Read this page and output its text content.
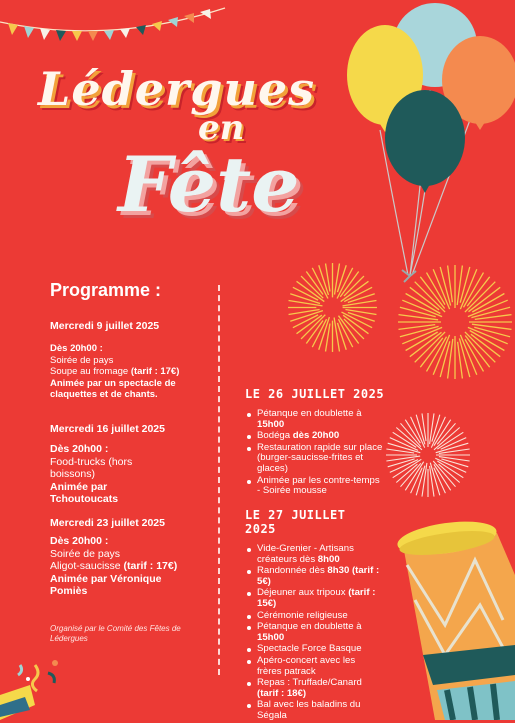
Lédergues
en
Fête
Programme :
Mercredi 9 juillet 2025
Dès 20h00 :
Soirée de pays
Soupe au fromage (tarif : 17€)
Animée par un spectacle de claquettes et de chants.
Mercredi 16 juillet 2025
Dès 20h00 :
Food-trucks (hors boissons)
Animée par Tchoutoucats
Mercredi 23 juillet 2025
Dès 20h00 :
Soirée de pays
Aligot-saucisse (tarif : 17€)
Animée par Véronique Pomiès
Organisé par le Comité des Fêtes de Lédergues
LE 26 JUILLET 2025
Pétanque en doublette à 15h00
Bodéga dès 20h00
Restauration rapide sur place (burger-saucisse-frites et glaces)
Animée par les contre-temps - Soirée mousse
LE 27 JUILLET 2025
Vide-Grenier - Artisans créateurs dès 8h00
Randonnée dès 8h30 (tarif : 5€)
Déjeuner aux tripoux (tarif : 15€)
Cérémonie religieuse
Pétanque en doublette à 15h00
Spectacle Force Basque
Apéro-concert avec les frères patrack
Repas : Truffade/Canard (tarif : 18€)
Bal avec les baladins du Ségala
